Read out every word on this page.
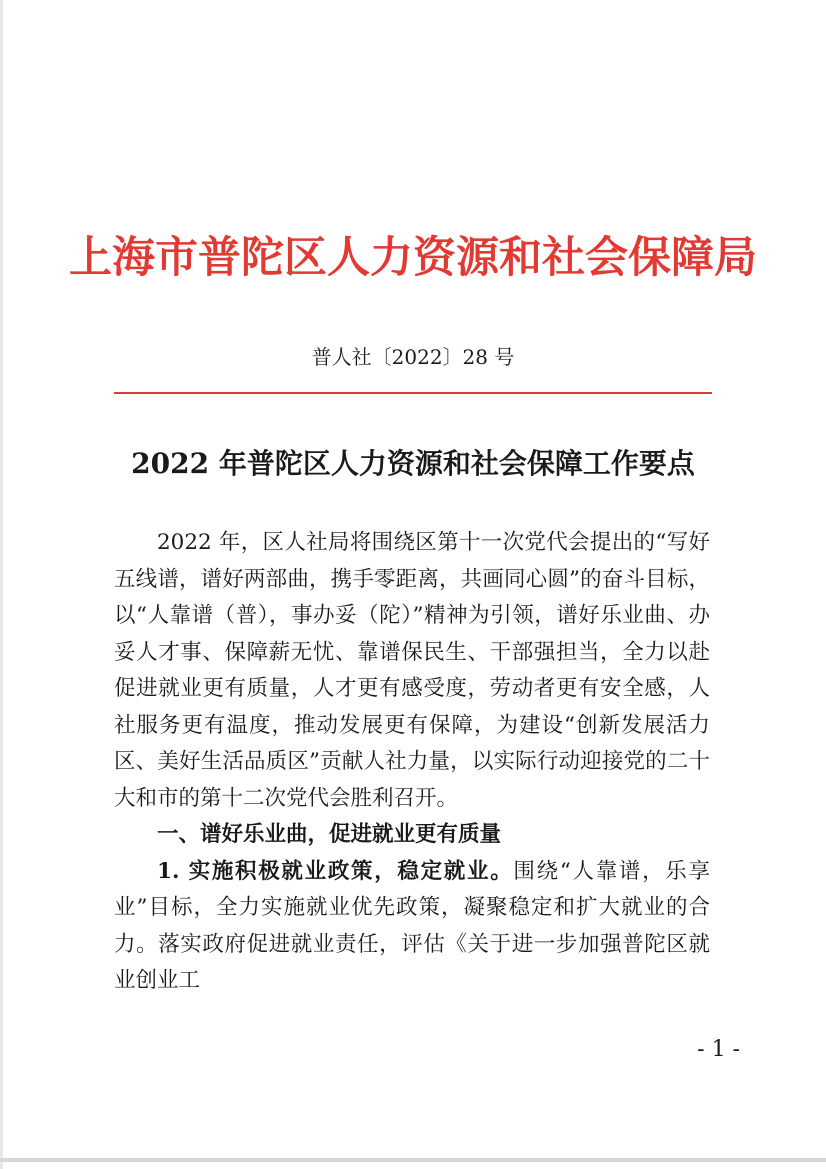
上海市普陀区人力资源和社会保障局
普人社〔2022〕28 号
2022 年普陀区人力资源和社会保障工作要点

2022 年，区人社局将围绕区第十一次党代会提出的“写好五线谱，谱好两部曲，携手零距离，共画同心圆”的奋斗目标，以“人靠谱（普），事办妥（陀）”精神为引领，谱好乐业曲、办妥人才事、保障薪无忧、靠谱保民生、干部强担当，全力以赴促进就业更有质量，人才更有感受度，劳动者更有安全感，人社服务更有温度，推动发展更有保障，为建设“创新发展活力区、美好生活品质区”贡献人社力量，以实际行动迎接党的二十大和市的第十二次党代会胜利召开。

一、谱好乐业曲，促进就业更有质量

1. 实施积极就业政策，稳定就业。围绕“人靠谱，乐享业”目标，全力实施就业优先政策，凝聚稳定和扩大就业的合力。落实政府促进就业责任，评估《关于进一步加强普陀区就业创业工

- 1 -
